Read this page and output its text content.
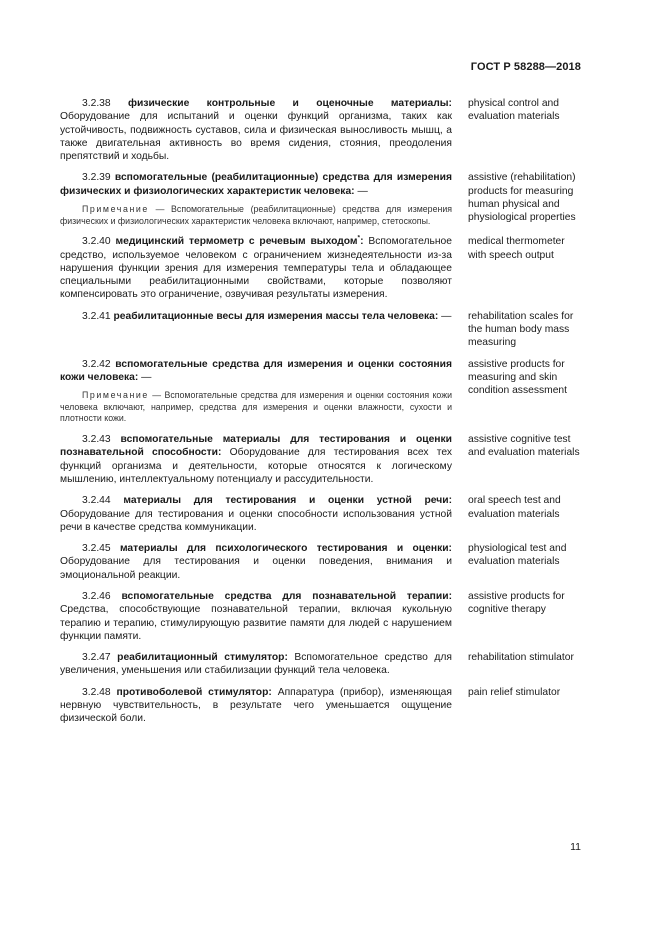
ГОСТ Р 58288—2018

3.2.38 физические контрольные и оценочные материалы: Оборудование для испытаний и оценки функций организма, таких как устойчивость, подвижность суставов, сила и физическая выносливость мышц, а также двигательная активность во время сидения, стояния, преодоления препятствий и ходьбы.

physical control and evaluation materials

3.2.39 вспомогательные (реабилитационные) средства для измерения физических и физиологических характеристик человека: —

Примечание — Вспомогательные (реабилитационные) средства для измерения физических и физиологических характеристик человека включают, например, стетоскопы.
assistive (rehabilitation) products for measuring human physical and physiological properties

3.2.40 медицинский термометр с речевым выходом*: Вспомогательное средство, используемое человеком с ограничением жизнедеятельности из-за нарушения функции зрения для измерения температуры тела и обладающее специальными реабилитационными свойствами, которые позволяют компенсировать это ограничение, озвучивая результаты измерения.

medical thermometer with speech output

3.2.41 реабилитационные весы для измерения массы тела человека: — rehabilitation scales for the human body mass measuring

3.2.42 вспомогательные средства для измерения и оценки состояния кожи человека: —

Примечание — Вспомогательные средства для измерения и оценки состояния кожи человека включают, например, средства для измерения и оценки влажности, сухости и плотности кожи.
assistive products for measuring and skin condition assessment

3.2.43 вспомогательные материалы для тестирования и оценки познавательной способности: Оборудование для тестирования всех тех функций организма и деятельности, которые относятся к логическому мышлению, интеллектуальному потенциалу и рассудительности.

assistive cognitive test and evaluation materials

3.2.44 материалы для тестирования и оценки устной речи: Оборудование для тестирования и оценки способности использования устной речи в качестве средства коммуникации.

oral speech test and evaluation materials

3.2.45 материалы для психологического тестирования и оценки: Оборудование для тестирования и оценки поведения, внимания и эмоциональной реакции.

physiological test and evaluation materials

3.2.46 вспомогательные средства для познавательной терапии: Средства, способствующие познавательной терапии, включая кукольную терапию и терапию, стимулирующую развитие памяти для людей с нарушением функции памяти.

assistive products for cognitive therapy

3.2.47 реабилитационный стимулятор: Вспомогательное средство для увеличения, уменьшения или стабилизации функций тела человека.

rehabilitation stimulator

3.2.48 противоболевой стимулятор: Аппаратура (прибор), изменяющая нервную чувствительность, в результате чего уменьшается ощущение физической боли.

pain relief stimulator
11
